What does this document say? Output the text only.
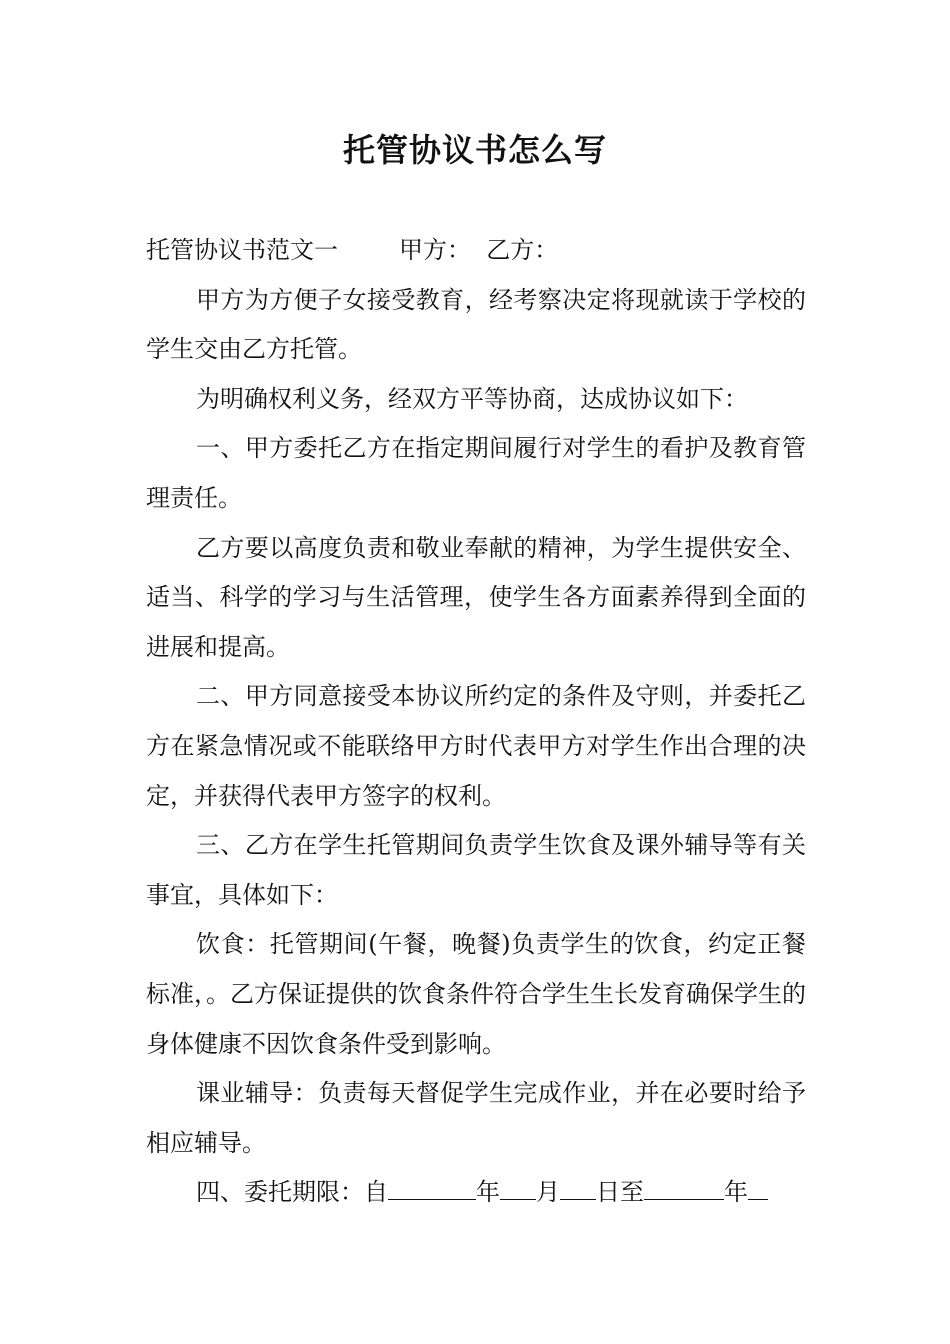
托管协议书怎么写

托管协议书范文一	甲方： 乙方：

甲方为方便子女接受教育，经考察决定将现就读于学校的学生交由乙方托管。

为明确权利义务，经双方平等协商，达成协议如下：

一、甲方委托乙方在指定期间履行对学生的看护及教育管理责任。

乙方要以高度负责和敬业奉献的精神，为学生提供安全、适当、科学的学习与生活管理，使学生各方面素养得到全面的进展和提高。

二、甲方同意接受本协议所约定的条件及守则，并委托乙方在紧急情况或不能联络甲方时代表甲方对学生作出合理的决定，并获得代表甲方签字的权利。

三、乙方在学生托管期间负责学生饮食及课外辅导等有关事宜，具体如下：

饮食：托管期间(午餐，晚餐)负责学生的饮食，约定正餐标准，。乙方保证提供的饮食条件符合学生生长发育确保学生的身体健康不因饮食条件受到影响。

课业辅导：负责每天督促学生完成作业，并在必要时给予相应辅导。

四、委托期限：自	年 月 日至	年
